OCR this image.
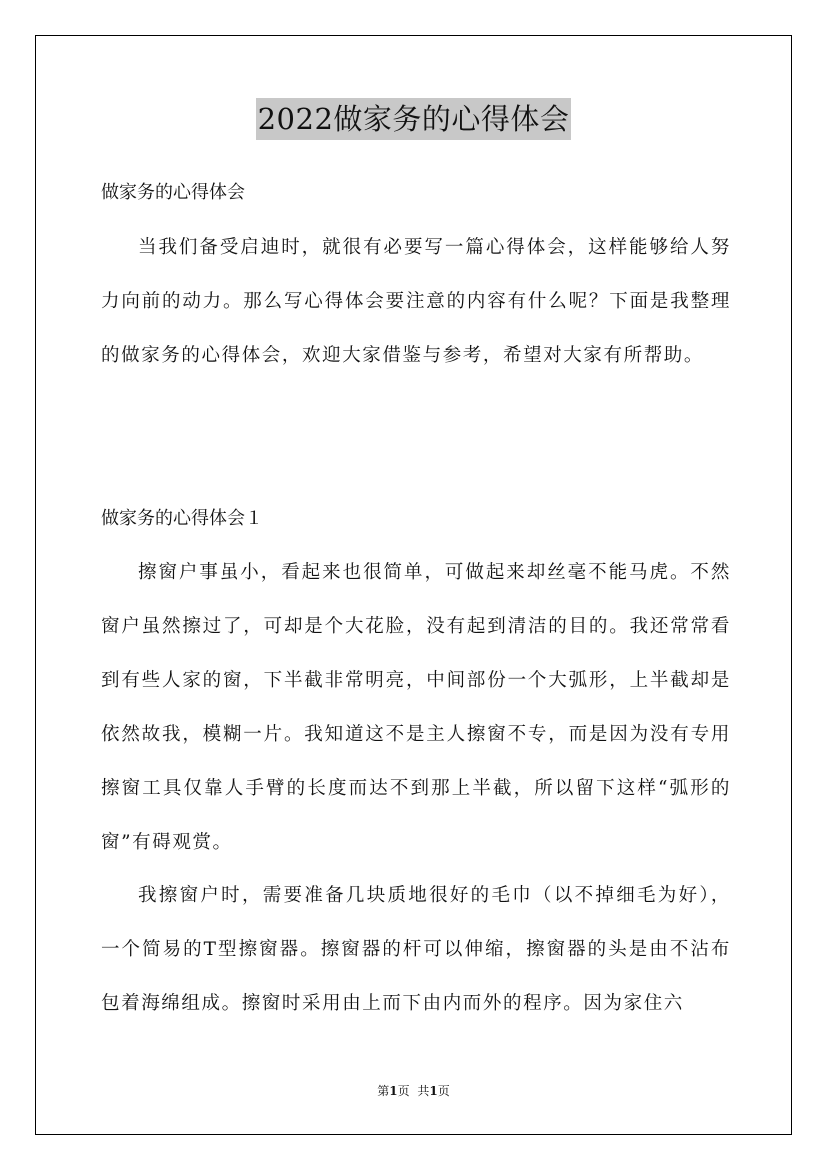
2022做家务的心得体会
做家务的心得体会

当我们备受启迪时，就很有必要写一篇心得体会，这样能够给人努力向前的动力。那么写心得体会要注意的内容有什么呢？下面是我整理的做家务的心得体会，欢迎大家借鉴与参考，希望对大家有所帮助。

做家务的心得体会１

擦窗户事虽小，看起来也很简单，可做起来却丝毫不能马虎。不然窗户虽然擦过了，可却是个大花脸，没有起到清洁的目的。我还常常看到有些人家的窗，下半截非常明亮，中间部份一个大弧形，上半截却是依然故我，模糊一片。我知道这不是主人擦窗不专，而是因为没有专用擦窗工具仅靠人手臂的长度而达不到那上半截，所以留下这样“弧形的窗”有碍观赏。

我擦窗户时，需要准备几块质地很好的毛巾（以不掉细毛为好），一个简易的T型擦窗器。擦窗器的杆可以伸缩，擦窗器的头是由不沾布包着海绵组成。擦窗时采用由上而下由内而外的程序。因为家住六

第1页 共1页
